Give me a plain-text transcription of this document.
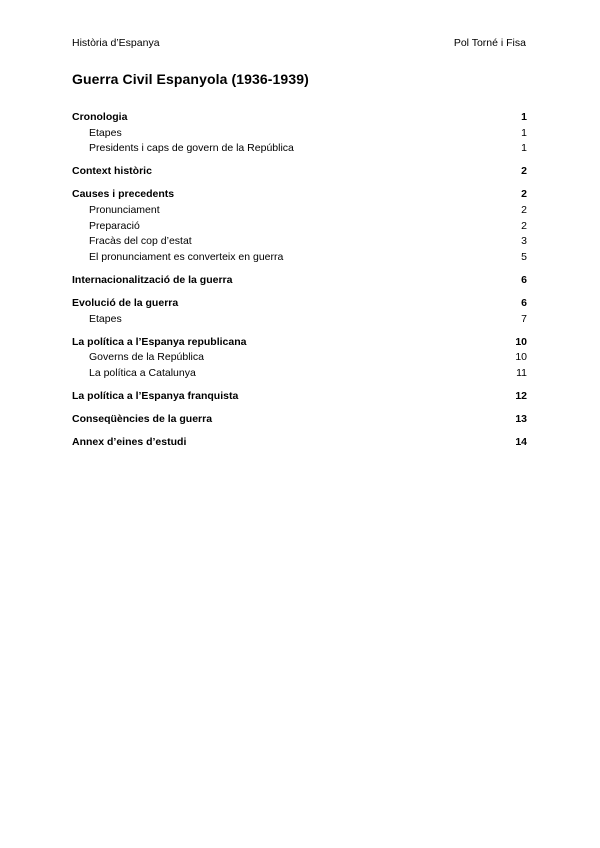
Història d’Espanya	Pol Torné i Fisa
Guerra Civil Espanyola (1936-1939)
Cronologia	1
Etapes	1
Presidents i caps de govern de la República	1
Context històric	2
Causes i precedents	2
Pronunciament	2
Preparació	2
Fracàs del cop d’estat	3
El pronunciament es converteix en guerra	5
Internacionalització de la guerra	6
Evolució de la guerra	6
Etapes	7
La política a l’Espanya republicana	10
Governs de la República	10
La política a Catalunya	11
La política a l’Espanya franquista	12
Conseqüències de la guerra	13
Annex d’eines d’estudi	14
